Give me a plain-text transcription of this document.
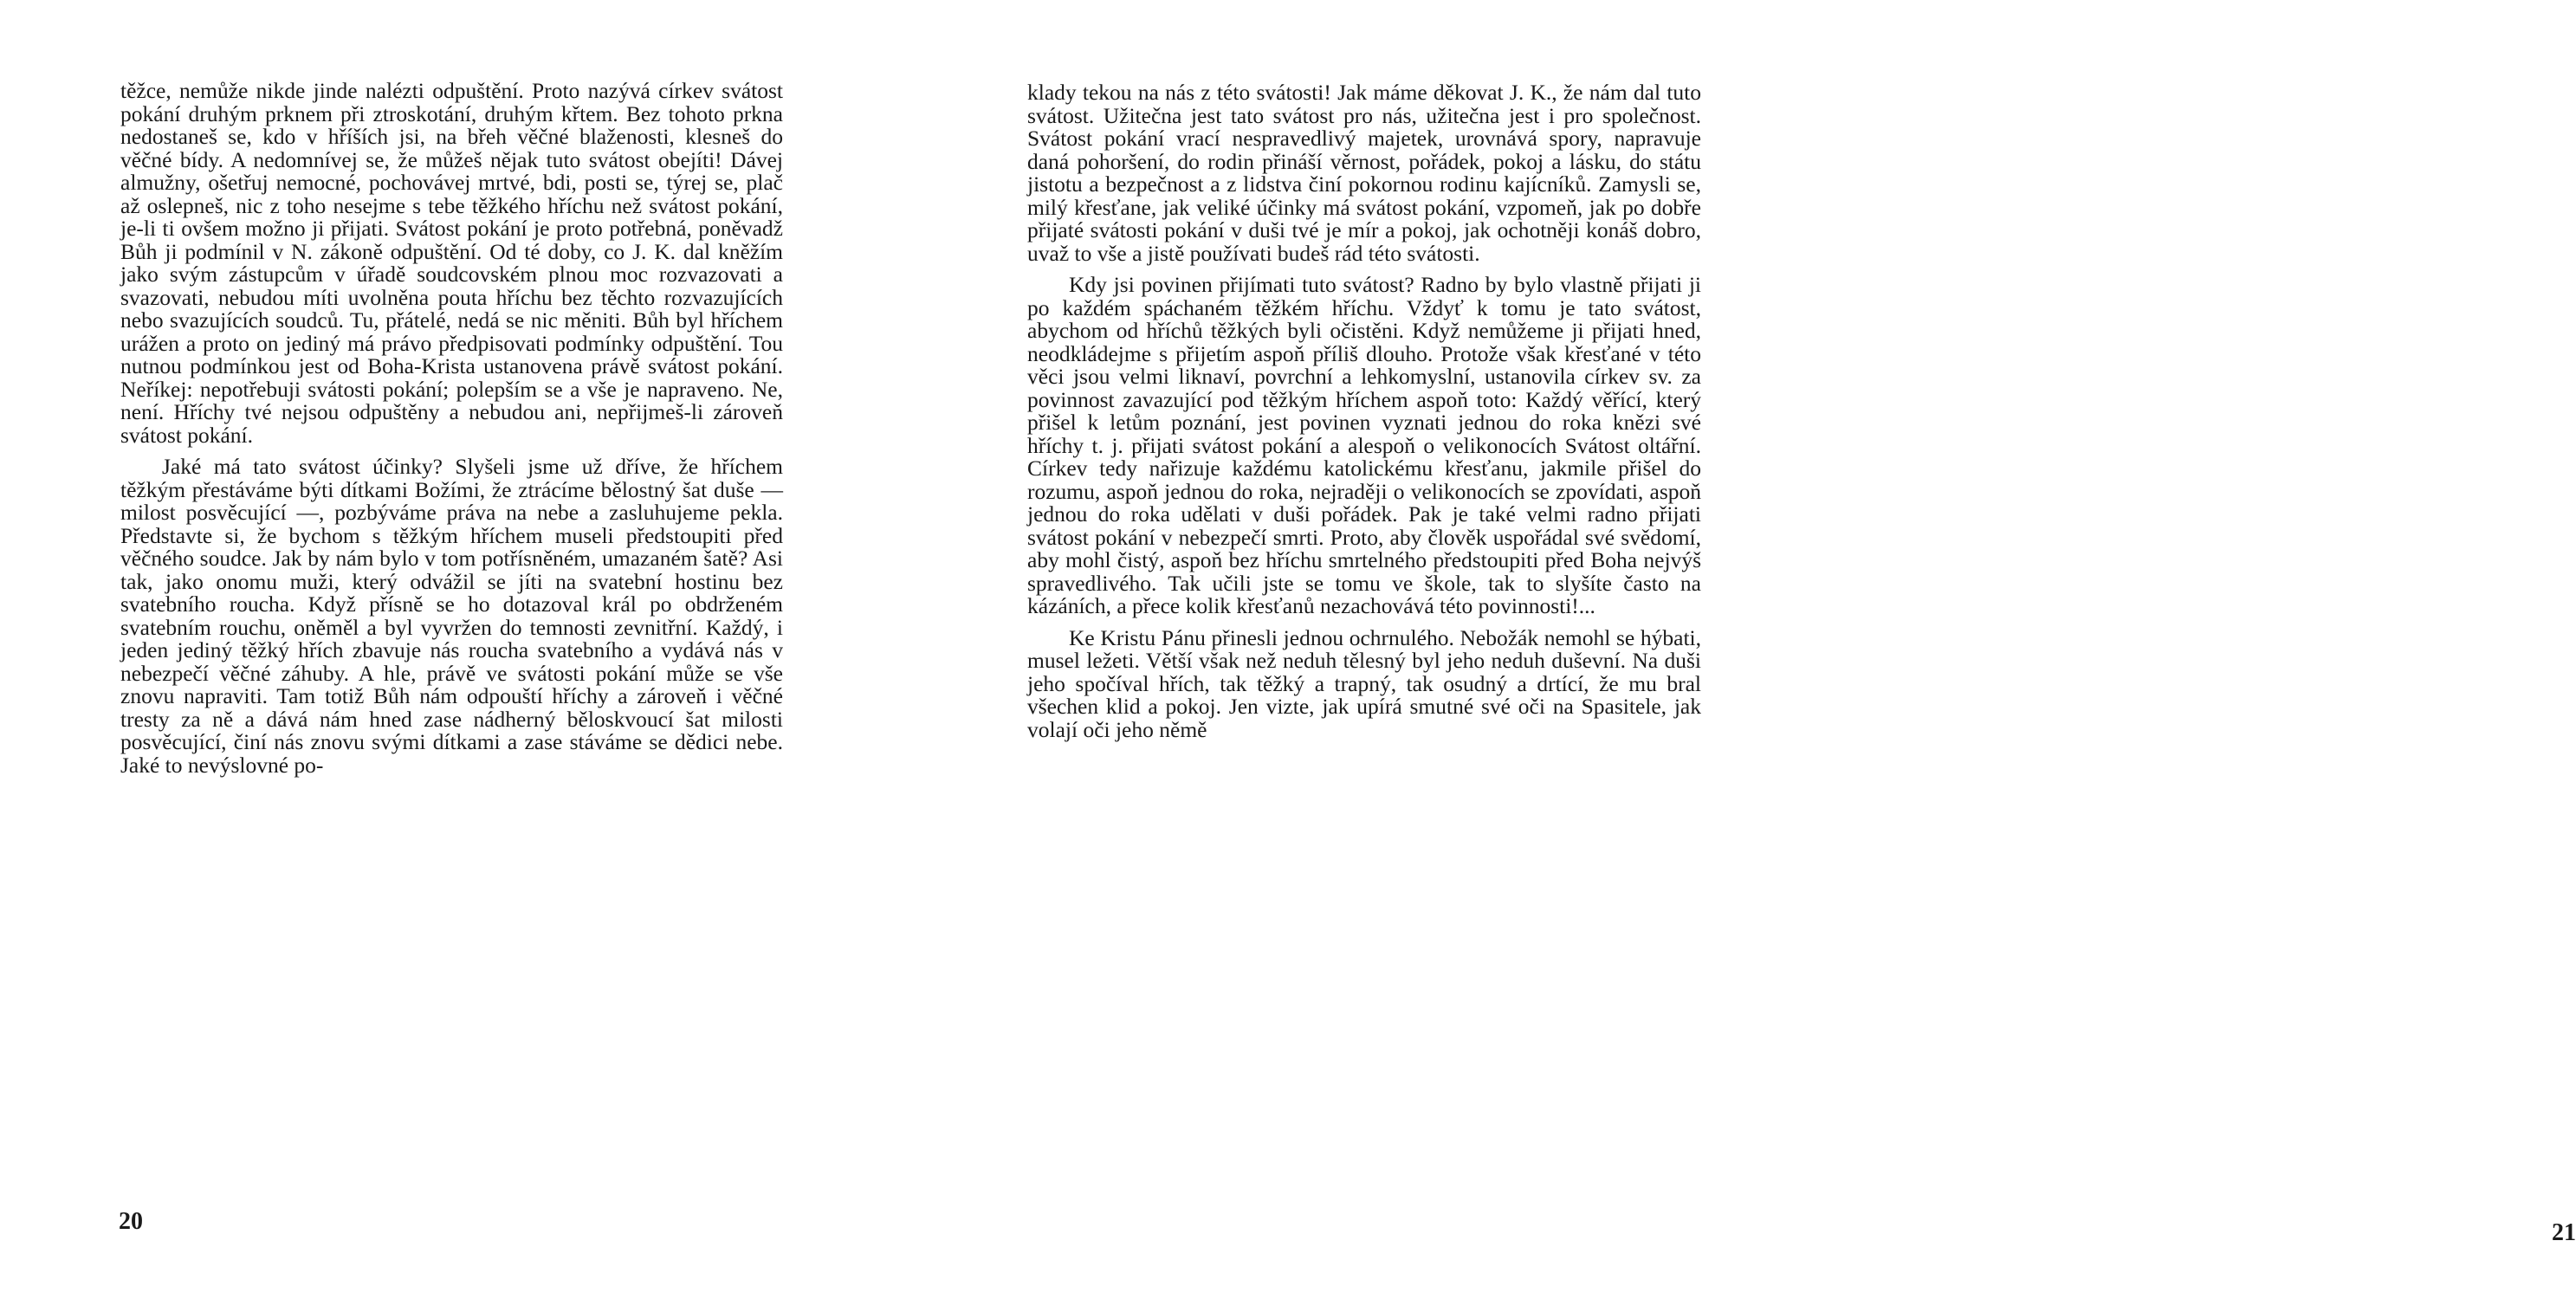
těžce, nemůže nikde jinde nalézti odpuštění. Proto nazývá církev svátost pokání druhým prknem při ztroskotání, druhým křtem. Bez tohoto prkna nedostaneš se, kdo v hříších jsi, na břeh věčné blaženosti, klesneš do věčné bídy. A nedomnívej se, že můžeš nějak tuto svátost obejíti! Dávej almužny, ošetřuj nemocné, pochovávej mrtvé, bdi, posti se, týrej se, plač až oslepneš, nic z toho nesejme s tebe těžkého hříchu než svátost pokání, je-li ti ovšem možno ji přijati. Svátost pokání je proto potřebná, poněvadž Bůh ji podmínil v N. zákoně odpuštění. Od té doby, co J. K. dal kněžím jako svým zástupcům v úřadě soudcovském plnou moc rozvazovati a svazovati, nebudou míti uvolněna pouta hříchu bez těchto rozvazujících nebo svazujících soudců. Tu, přátelé, nedá se nic měniti. Bůh byl hříchem urážen a proto on jediný má právo předpisovati podmínky odpuštění. Tou nutnou podmínkou jest od Boha-Krista ustanovena právě svátost pokání. Neříkej: nepotřebuji svátosti pokání; polepším se a vše je napraveno. Ne, není. Hříchy tvé nejsou odpuštěny a nebudou ani, nepřijmeš-li zároveň svátost pokání.

Jaké má tato svátost účinky? Slyšeli jsme už dříve, že hříchem těžkým přestáváme býti dítkami Božími, že ztrácíme bělostný šat duše — milost posvěcující —, pozbýváme práva na nebe a zasluhujeme pekla. Představte si, že bychom s těžkým hříchem museli předstoupiti před věčného soudce. Jak by nám bylo v tom potřísněném, umazaném šatě? Asi tak, jako onomu muži, který odvážil se jíti na svatební hostinu bez svatebního roucha. Když přísně se ho dotazoval král po obdrženém svatebním rouchu, oněměl a byl vyvržen do temnosti zevnitřní. Každý, i jeden jediný těžký hřích zbavuje nás roucha svatebního a vydává nás v nebezpečí věčné záhuby. A hle, právě ve svátosti pokání může se vše znovu napraviti. Tam totiž Bůh nám odpouští hříchy a zároveň i věčné tresty za ně a dává nám hned zase nádherný běloskvoucí šat milosti posvěcující, činí nás znovu svými dítkami a zase stáváme se dědici nebe. Jaké to nevýslovné po-

20

klady tekou na nás z této svátosti! Jak máme děkovat J. K., že nám dal tuto svátost. Užitečna jest tato svátost pro nás, užitečna jest i pro společnost. Svátost pokání vrací nespravedlivý majetek, urovnává spory, napravuje daná pohoršení, do rodin přináší věrnost, pořádek, pokoj a lásku, do státu jistotu a bezpečnost a z lidstva činí pokornou rodinu kajícníků. Zamysli se, milý křesťane, jak veliké účinky má svátost pokání, vzpomeň, jak po dobře přijaté svátosti pokání v duši tvé je mír a pokoj, jak ochotněji konáš dobro, uvaž to vše a jistě používati budeš rád této svátosti.

Kdy jsi povinen přijímati tuto svátost? Radno by bylo vlastně přijati ji po každém spáchaném těžkém hříchu. Vždyť k tomu je tato svátost, abychom od hříchů těžkých byli očistěni. Když nemůžeme ji přijati hned, neodkládejme s přijetím aspoň příliš dlouho. Protože však křesťané v této věci jsou velmi liknaví, povrchní a lehkomyslní, ustanovila církev sv. za povinnost zavazující pod těžkým hříchem aspoň toto: Každý věřící, který přišel k letům poznání, jest povinen vyznati jednou do roka knězi své hříchy t. j. přijati svátost pokání a alespoň o velikonocích Svátost oltářní. Církev tedy nařizuje každému katolickému křesťanu, jakmile přišel do rozumu, aspoň jednou do roka, nejraději o velikonocích se zpovídati, aspoň jednou do roka udělati v duši pořádek. Pak je také velmi radno přijati svátost pokání v nebezpečí smrti. Proto, aby člověk uspořádal své svědomí, aby mohl čistý, aspoň bez hříchu smrtelného předstoupiti před Boha nejvýš spravedlivého. Tak učili jste se tomu ve škole, tak to slyšíte často na kázáních, a přece kolik křesťanů nezachovává této povinnosti!...

Ke Kristu Pánu přinesli jednou ochrnulého. Nebožák nemohl se hýbati, musel ležeti. Větší však než neduh tělesný byl jeho neduh duševní. Na duši jeho spočíval hřích, tak těžký a trapný, tak osudný a drtící, že mu bral všechen klid a pokoj. Jen vizte, jak upírá smutné své oči na Spasitele, jak volají oči jeho němě

21
